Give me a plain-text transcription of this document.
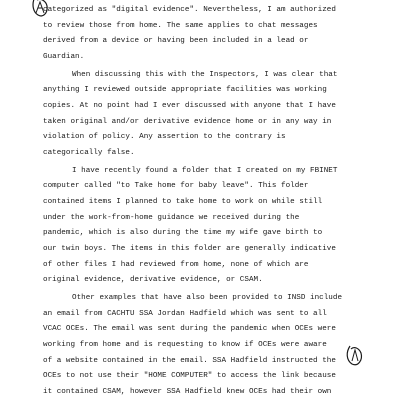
categorized as "digital evidence". Nevertheless, I am authorized
to review those from home. The same applies to chat messages
derived from a device or having been included in a lead or
Guardian.
When discussing this with the Inspectors, I was clear that
anything I reviewed outside appropriate facilities was working
copies. At no point had I ever discussed with anyone that I have
taken original and/or derivative evidence home or in any way in
violation of policy. Any assertion to the contrary is
categorically false.
I have recently found a folder that I created on my FBINET
computer called "to Take home for baby leave". This folder
contained items I planned to take home to work on while still
under the work-from-home guidance we received during the
pandemic, which is also during the time my wife gave birth to
our twin boys. The items in this folder are generally indicative
of other files I had reviewed from home, none of which are
original evidence, derivative evidence, or CSAM.
Other examples that have also been provided to INSD include
an email from CACHTU SSA Jordan Hadfield which was sent to all
VCAC OCEs. The email was sent during the pandemic when OCEs were
working from home and is requesting to know if OCEs were aware
of a website contained in the email. SSA Hadfield instructed the
OCEs to not use their "HOME COMPUTER" to access the link because
it contained CSAM, however SSA Hadfield knew OCEs had their own
